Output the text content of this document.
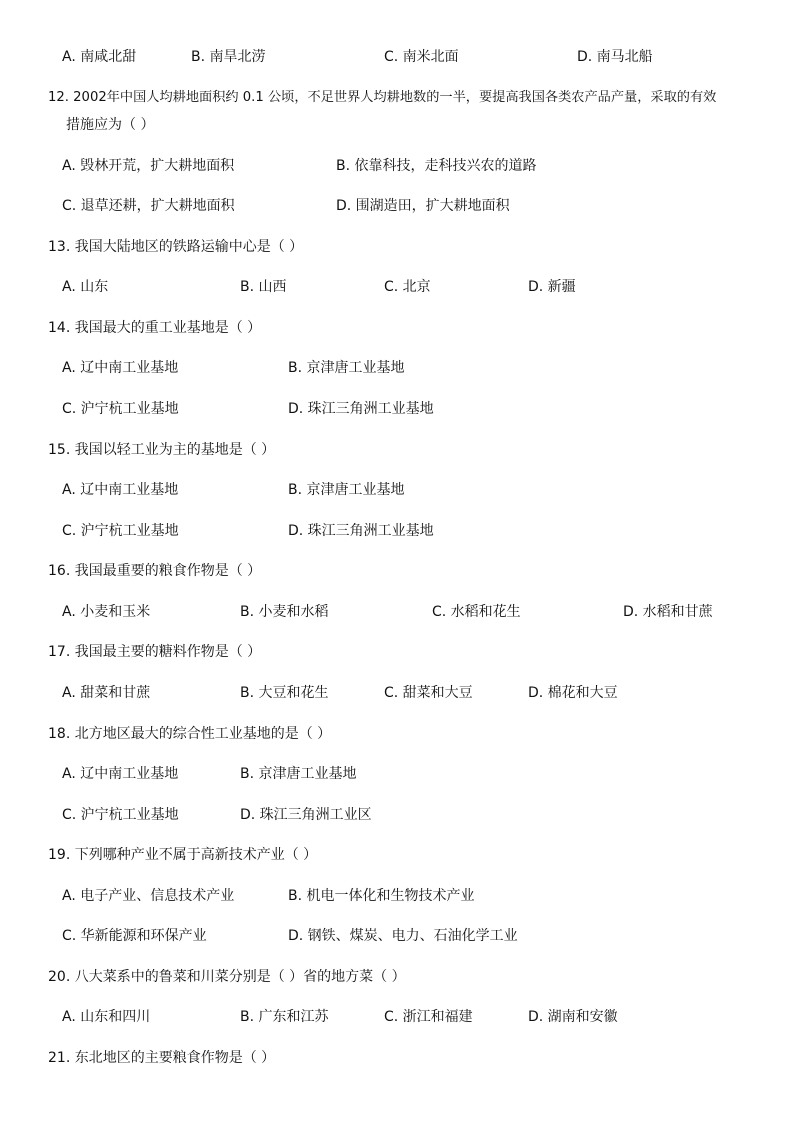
A. 南咸北甜	B. 南旱北涝	C. 南米北面	D. 南马北船
12. 2002年中国人均耕地面积约 0.1 公顷，不足世界人均耕地数的一半，要提高我国各类农产品产量，采取的有效
措施应为（ ）
A. 毁林开荒，扩大耕地面积	B. 依靠科技，走科技兴农的道路
C. 退草还耕，扩大耕地面积	D. 围湖造田，扩大耕地面积
13. 我国大陆地区的铁路运输中心是（ ）
A. 山东	B. 山西	C. 北京	D. 新疆
14. 我国最大的重工业基地是（ ）
A. 辽中南工业基地	B. 京津唐工业基地
C. 沪宁杭工业基地	D. 珠江三角洲工业基地
15. 我国以轻工业为主的基地是（ ）
A. 辽中南工业基地	B. 京津唐工业基地
C. 沪宁杭工业基地	D. 珠江三角洲工业基地
16. 我国最重要的粮食作物是（ ）
A. 小麦和玉米	B. 小麦和水稻	C. 水稻和花生	D. 水稻和甘蔗
17. 我国最主要的糖料作物是（ ）
A. 甜菜和甘蔗	B. 大豆和花生	C. 甜菜和大豆	D. 棉花和大豆
18. 北方地区最大的综合性工业基地的是（ ）
A. 辽中南工业基地	B. 京津唐工业基地
C. 沪宁杭工业基地	D. 珠江三角洲工业区
19. 下列哪种产业不属于高新技术产业（ ）
A. 电子产业、信息技术产业	B. 机电一体化和生物技术产业
C. 华新能源和环保产业	D. 钢铁、煤炭、电力、石油化学工业
20. 八大菜系中的鲁菜和川菜分别是（ ）省的地方菜（ ）
A. 山东和四川	B. 广东和江苏	C. 浙江和福建	D. 湖南和安徽
21. 东北地区的主要粮食作物是（ ）
